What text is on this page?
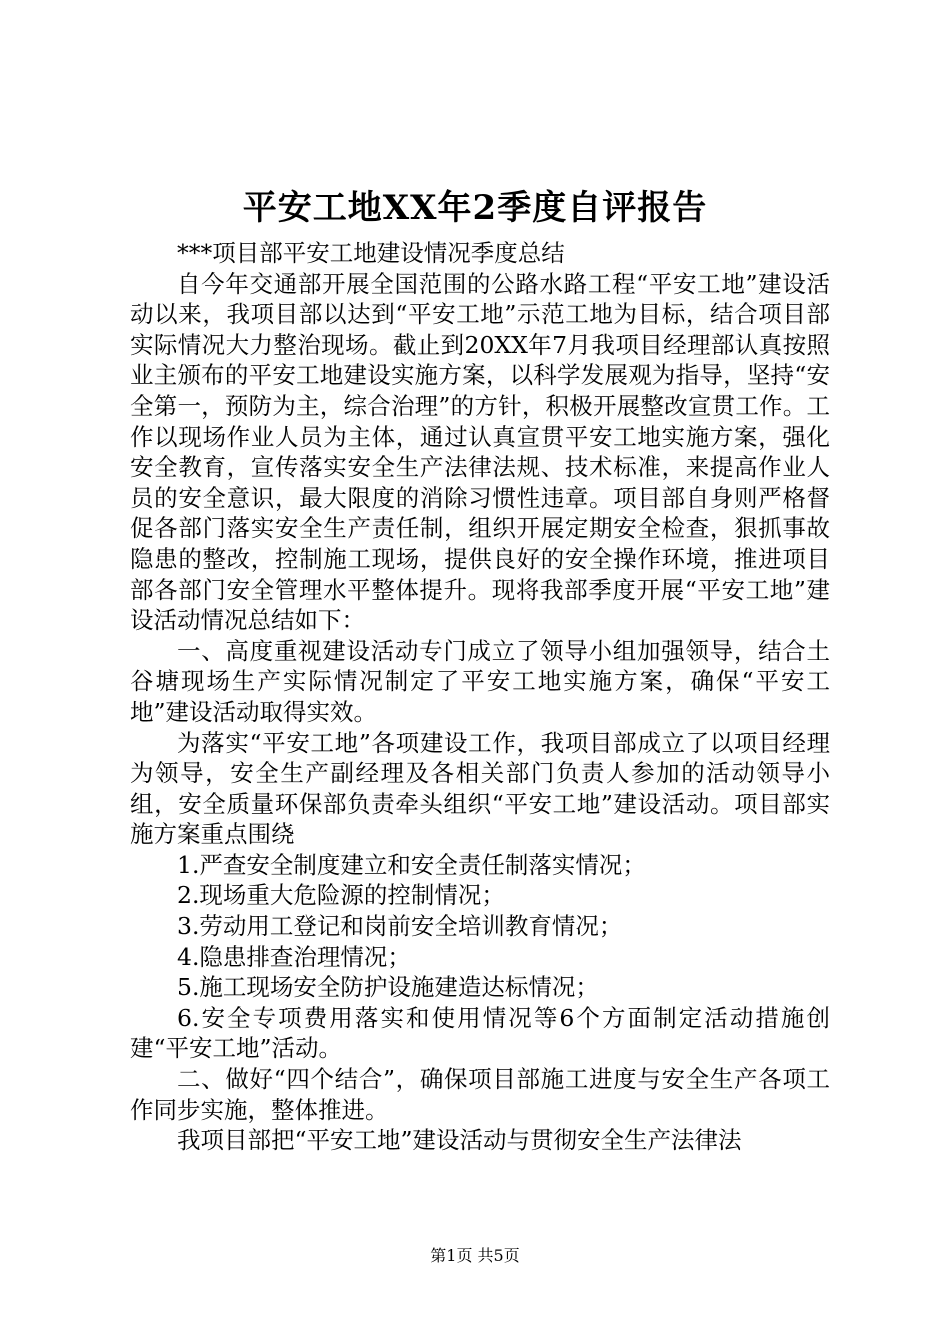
平安工地XX年2季度自评报告

***项目部平安工地建设情况季度总结

自今年交通部开展全国范围的公路水路工程“平安工地”建设活动以来，我项目部以达到“平安工地”示范工地为目标，结合项目部实际情况大力整治现场。截止到20XX年7月我项目经理部认真按照业主颁布的平安工地建设实施方案，以科学发展观为指导，坚持“安全第一，预防为主，综合治理”的方针，积极开展整改宣贯工作。工作以现场作业人员为主体，通过认真宣贯平安工地实施方案，强化安全教育，宣传落实安全生产法律法规、技术标准，来提高作业人员的安全意识，最大限度的消除习惯性违章。项目部自身则严格督促各部门落实安全生产责任制，组织开展定期安全检查，狠抓事故隐患的整改，控制施工现场，提供良好的安全操作环境，推进项目部各部门安全管理水平整体提升。现将我部季度开展“平安工地”建设活动情况总结如下：

一、高度重视建设活动专门成立了领导小组加强领导，结合土谷塘现场生产实际情况制定了平安工地实施方案，确保“平安工地”建设活动取得实效。

为落实“平安工地”各项建设工作，我项目部成立了以项目经理为领导，安全生产副经理及各相关部门负责人参加的活动领导小组，安全质量环保部负责牵头组织“平安工地”建设活动。项目部实施方案重点围绕

1.严查安全制度建立和安全责任制落实情况；

2.现场重大危险源的控制情况；

3.劳动用工登记和岗前安全培训教育情况；

4.隐患排查治理情况；

5.施工现场安全防护设施建造达标情况；

6.安全专项费用落实和使用情况等6个方面制定活动措施创建“平安工地”活动。

二、做好“四个结合”，确保项目部施工进度与安全生产各项工作同步实施，整体推进。

我项目部把“平安工地”建设活动与贯彻安全生产法律法

第1页 共5页
